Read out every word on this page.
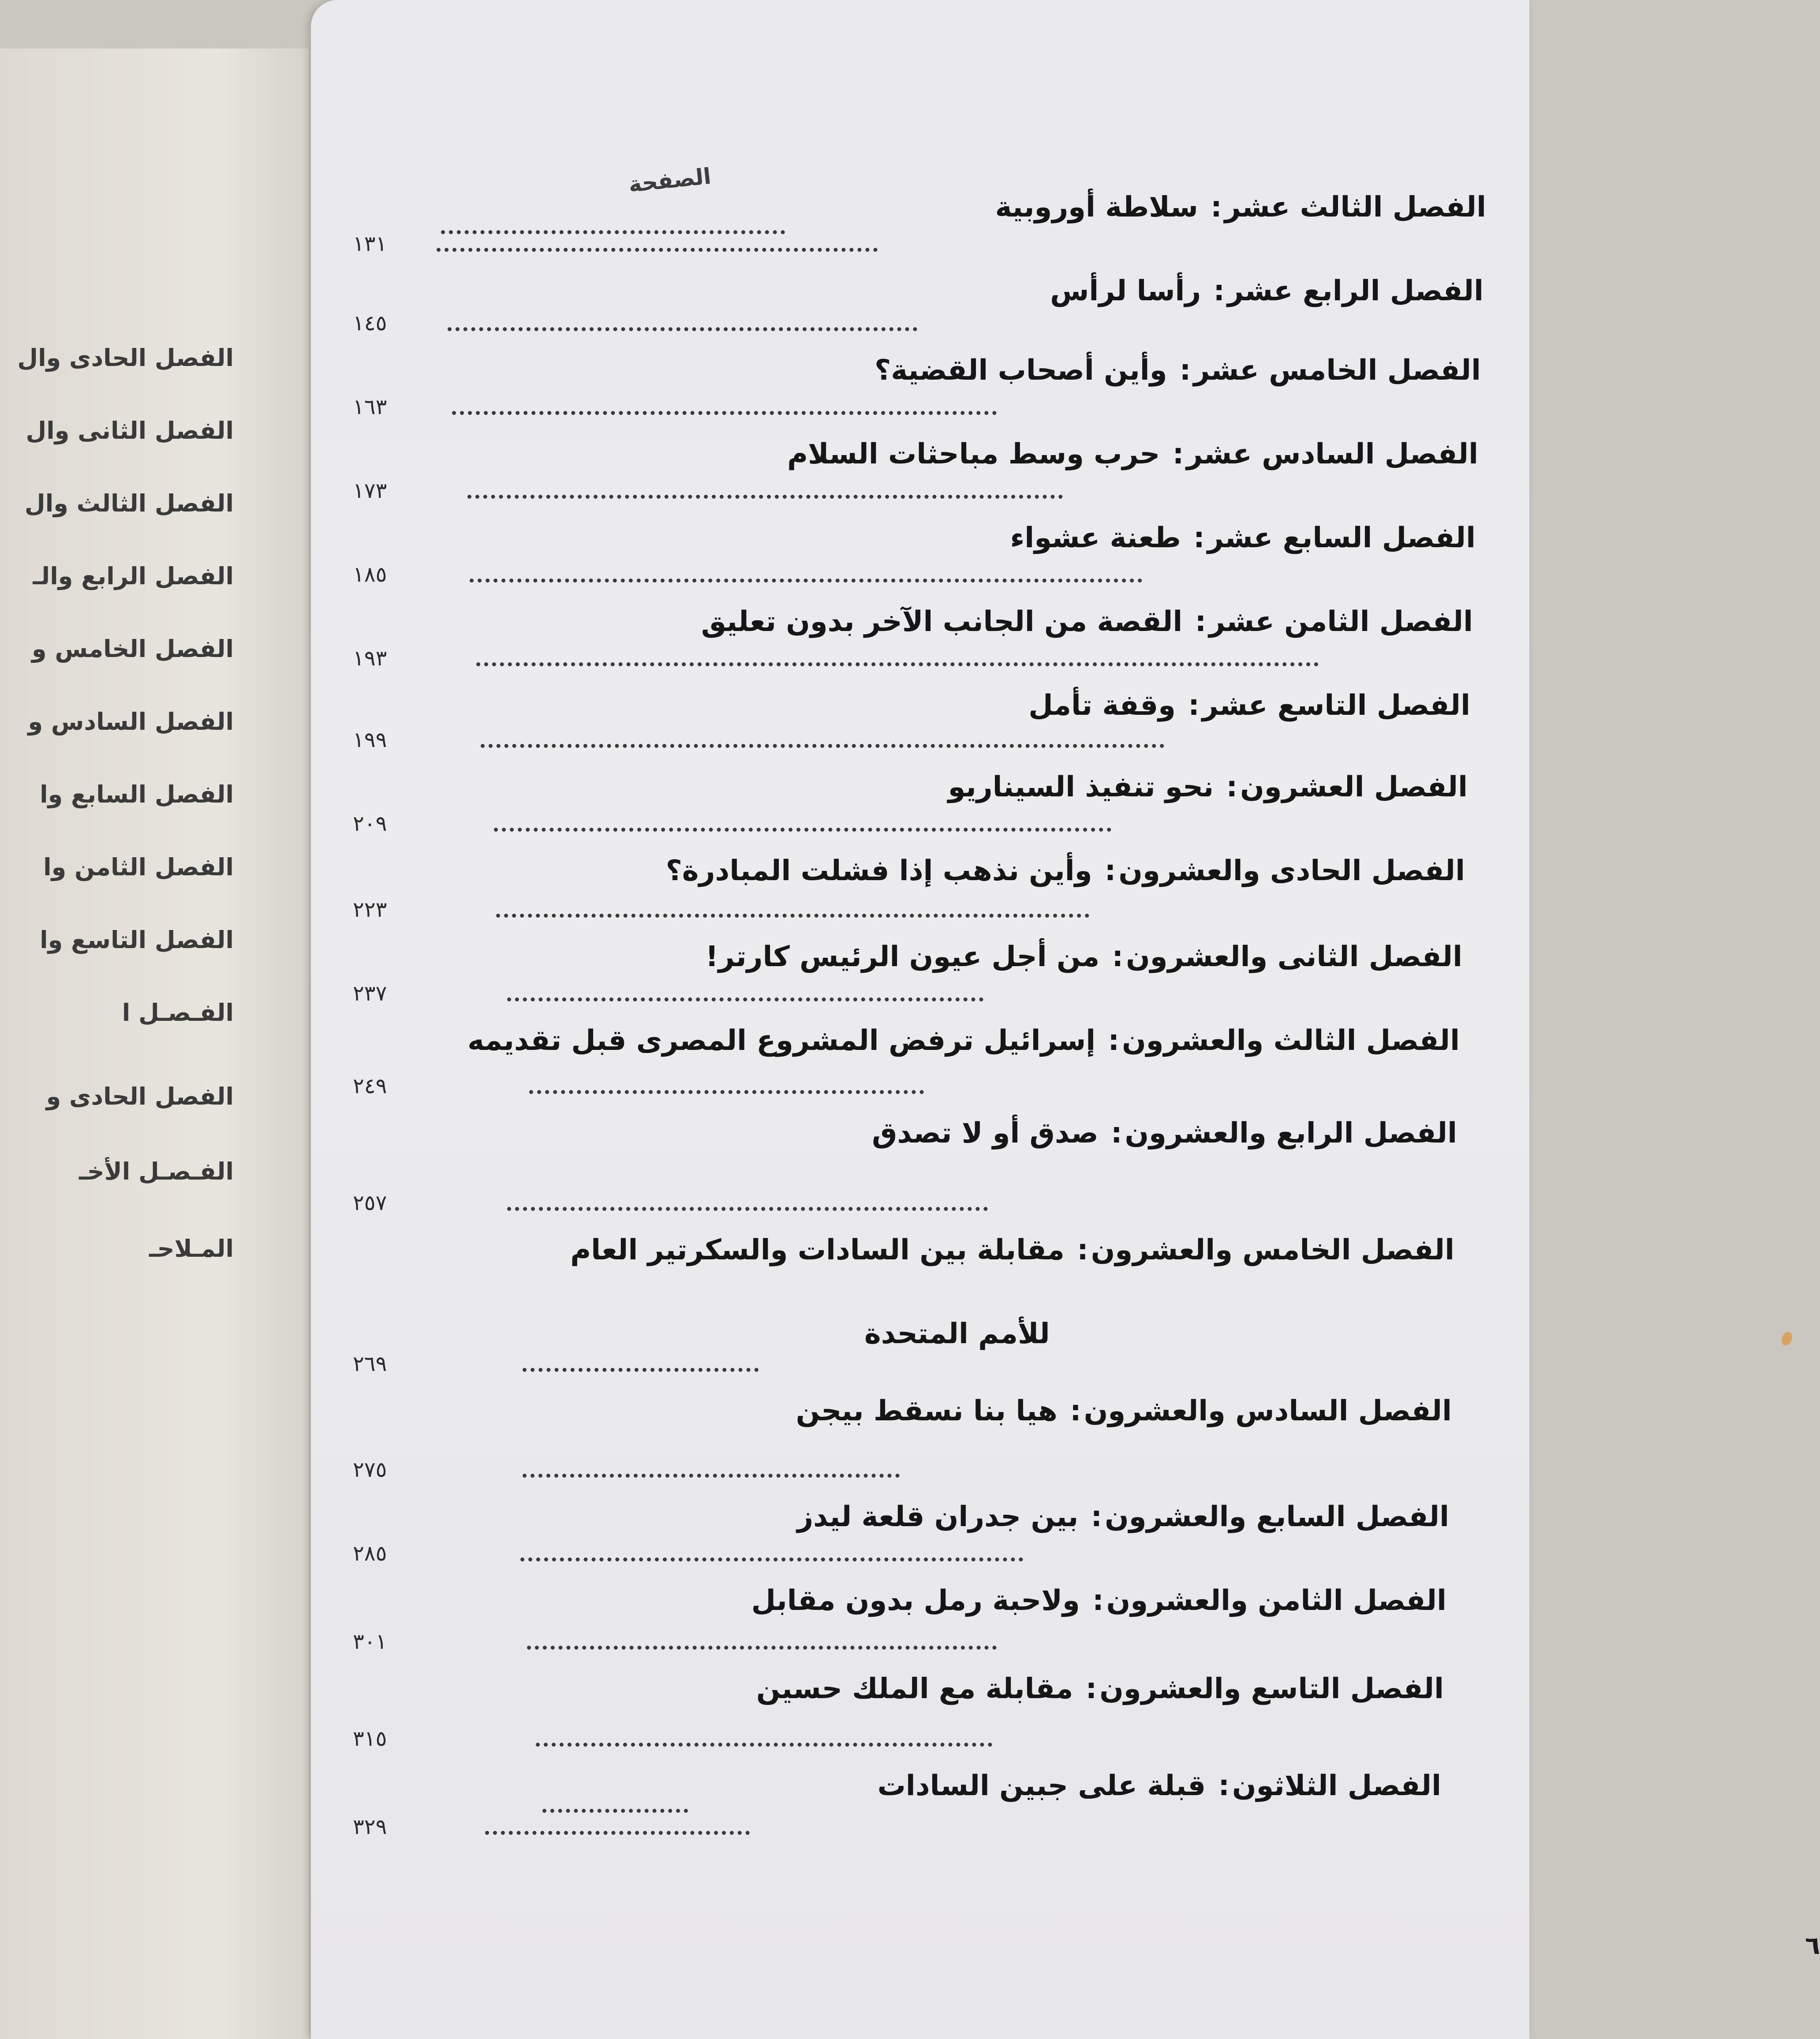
الفصل الحادى وال
الفصل الثانى وال
الفصل الثالث وال
الفصل الرابع والـ
الفصل الخامس و
الفصل السادس و
الفصل السابع وا
الفصل الثامن وا
الفصل التاسع وا
الفـصـل ا
الفصل الحادى و
الفـصـل الأخـ
المـلاحـ
الصفحة
٦
الفصل الثالث عشر: سلاطة أوروبية
الفصل الرابع عشر: رأسا لرأس
١٣١
الفصل الخامس عشر: وأين أصحاب القضية؟
١٤٥
الفصل السادس عشر: حرب وسط مباحثات السلام
١٦٣
الفصل السابع عشر: طعنة عشواء
١٧٣
الفصل الثامن عشر: القصة من الجانب الآخر بدون تعليق
١٨٥
الفصل التاسع عشر: وقفة تأمل
١٩٣
الفصل العشرون: نحو تنفيذ السيناريو
١٩٩
الفصل الحادى والعشرون: وأين نذهب إذا فشلت المبادرة؟
٢٠٩
الفصل الثانى والعشرون: من أجل عيون الرئيس كارتر!
٢٢٣
الفصل الثالث والعشرون: إسرائيل ترفض المشروع المصرى قبل تقديمه
٢٣٧
الفصل الرابع والعشرون: صدق أو لا تصدق
٢٤٩
الفصل الخامس والعشرون: مقابلة بين السادات والسكرتير العام
للأمم المتحدة
٢٥٧
الفصل السادس والعشرون: هيا بنا نسقط بيجن
٢٦٩
الفصل السابع والعشرون: بين جدران قلعة ليدز
٢٧٥
الفصل الثامن والعشرون: ولاحبة رمل بدون مقابل
٢٨٥
الفصل التاسع والعشرون: مقابلة مع الملك حسين
٣٠١
الفصل الثلاثون: قبلة على جبين السادات
٣١٥
٣٢٩
